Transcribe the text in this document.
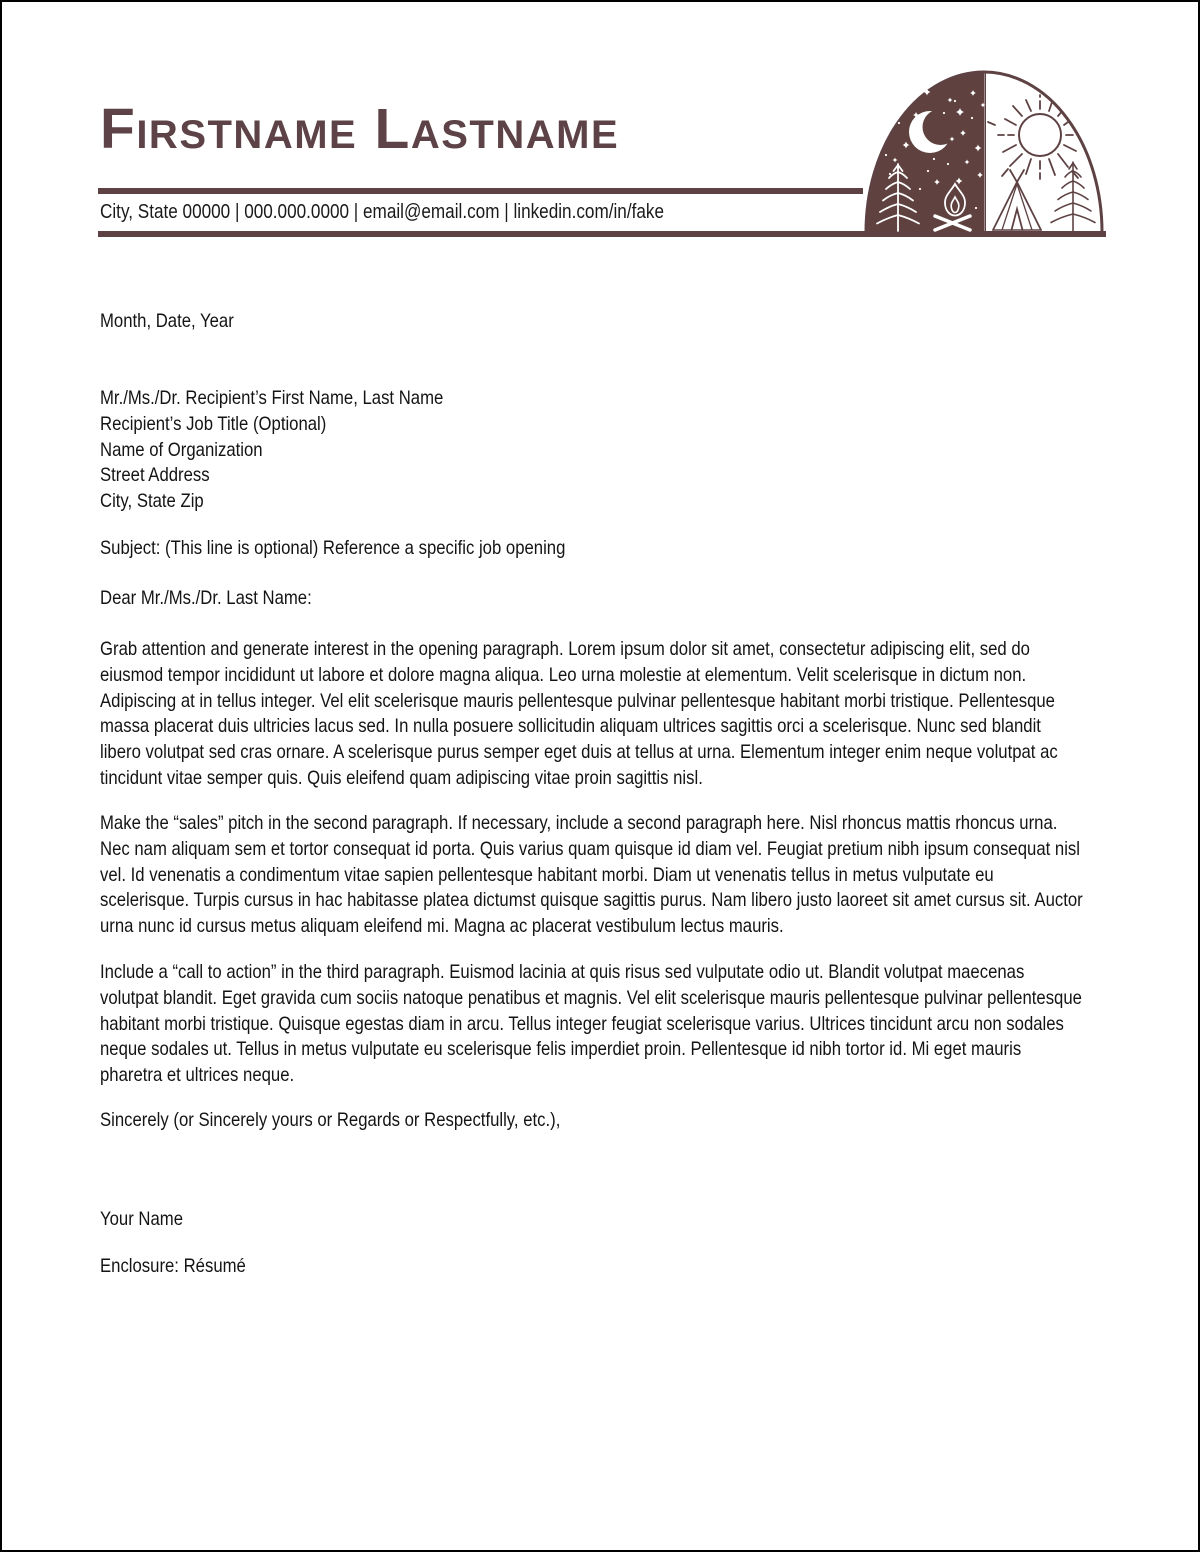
Firstname Lastname
City, State 00000 | 000.000.0000 | email@email.com | linkedin.com/in/fake
Month, Date, Year
Mr./Ms./Dr. Recipient’s First Name, Last Name
Recipient’s Job Title (Optional)
Name of Organization
Street Address
City, State Zip
Subject: (This line is optional) Reference a specific job opening
Dear Mr./Ms./Dr. Last Name:
Grab attention and generate interest in the opening paragraph. Lorem ipsum dolor sit amet, consectetur adipiscing elit, sed do eiusmod tempor incididunt ut labore et dolore magna aliqua. Leo urna molestie at elementum. Velit scelerisque in dictum non. Adipiscing at in tellus integer. Vel elit scelerisque mauris pellentesque pulvinar pellentesque habitant morbi tristique. Pellentesque massa placerat duis ultricies lacus sed. In nulla posuere sollicitudin aliquam ultrices sagittis orci a scelerisque. Nunc sed blandit libero volutpat sed cras ornare. A scelerisque purus semper eget duis at tellus at urna. Elementum integer enim neque volutpat ac tincidunt vitae semper quis. Quis eleifend quam adipiscing vitae proin sagittis nisl.
Make the “sales” pitch in the second paragraph. If necessary, include a second paragraph here. Nisl rhoncus mattis rhoncus urna. Nec nam aliquam sem et tortor consequat id porta. Quis varius quam quisque id diam vel. Feugiat pretium nibh ipsum consequat nisl vel. Id venenatis a condimentum vitae sapien pellentesque habitant morbi. Diam ut venenatis tellus in metus vulputate eu scelerisque. Turpis cursus in hac habitasse platea dictumst quisque sagittis purus. Nam libero justo laoreet sit amet cursus sit. Auctor urna nunc id cursus metus aliquam eleifend mi. Magna ac placerat vestibulum lectus mauris.
Include a “call to action” in the third paragraph. Euismod lacinia at quis risus sed vulputate odio ut. Blandit volutpat maecenas volutpat blandit. Eget gravida cum sociis natoque penatibus et magnis. Vel elit scelerisque mauris pellentesque pulvinar pellentesque habitant morbi tristique. Quisque egestas diam in arcu. Tellus integer feugiat scelerisque varius. Ultrices tincidunt arcu non sodales neque sodales ut. Tellus in metus vulputate eu scelerisque felis imperdiet proin. Pellentesque id nibh tortor id. Mi eget mauris pharetra et ultrices neque.
Sincerely (or Sincerely yours or Regards or Respectfully, etc.),
Your Name
Enclosure: Résumé
